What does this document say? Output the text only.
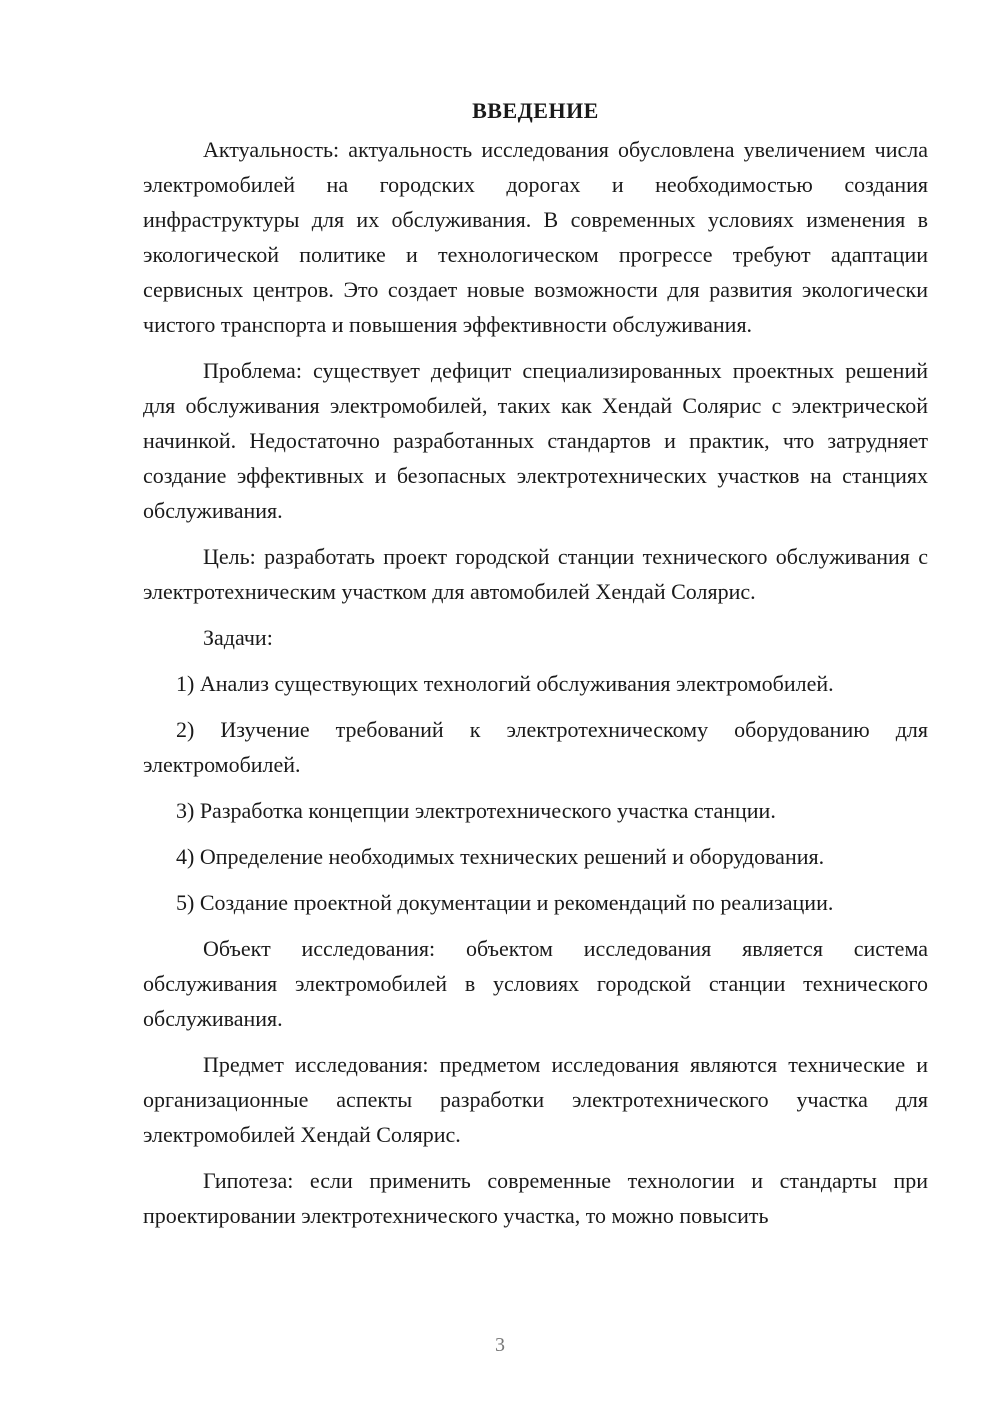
ВВЕДЕНИЕ

Актуальность: актуальность исследования обусловлена увеличением числа электромобилей на городских дорогах и необходимостью создания инфраструктуры для их обслуживания. В современных условиях изменения в экологической политике и технологическом прогрессе требуют адаптации сервисных центров. Это создает новые возможности для развития экологически чистого транспорта и повышения эффективности обслуживания.

Проблема: существует дефицит специализированных проектных решений для обслуживания электромобилей, таких как Хендай Солярис с электрической начинкой. Недостаточно разработанных стандартов и практик, что затрудняет создание эффективных и безопасных электротехнических участков на станциях обслуживания.

Цель: разработать проект городской станции технического обслуживания с электротехническим участком для автомобилей Хендай Солярис.

Задачи:

1) Анализ существующих технологий обслуживания электромобилей.

2) Изучение требований к электротехническому оборудованию для электромобилей.

3) Разработка концепции электротехнического участка станции.

4) Определение необходимых технических решений и оборудования.

5) Создание проектной документации и рекомендаций по реализации.

Объект исследования: объектом исследования является система обслуживания электромобилей в условиях городской станции технического обслуживания.

Предмет исследования: предметом исследования являются технические и организационные аспекты разработки электротехнического участка для электромобилей Хендай Солярис.

Гипотеза: если применить современные технологии и стандарты при проектировании электротехнического участка, то можно повысить

3
